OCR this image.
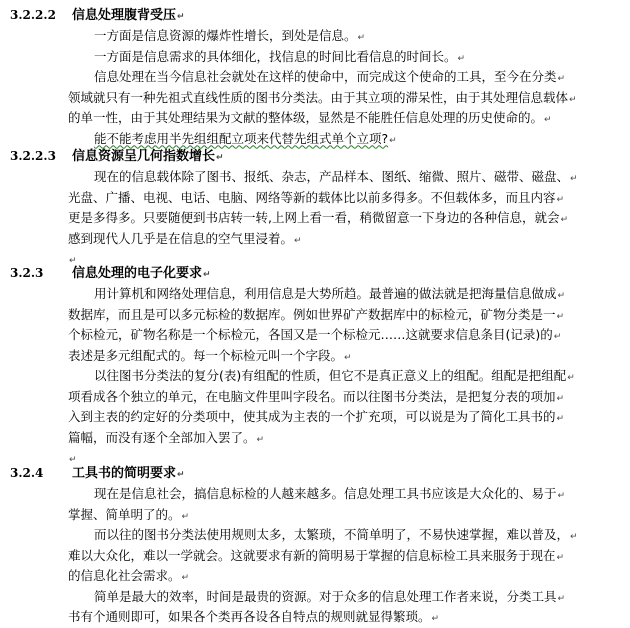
3.2.2.2 信息处理腹背受压↵
一方面是信息资源的爆炸性增长，到处是信息。↵
一方面是信息需求的具体细化，找信息的时间比看信息的时间长。↵
信息处理在当今信息社会就处在这样的使命中，而完成这个使命的工具，至今在分类↵
领域就只有一种先祖式直线性质的图书分类法。由于其立项的滞呆性，由于其处理信息载体↵
的单一性，由于其处理结果为文献的整体级，显然是不能胜任信息处理的历史使命的。↵
能不能考虑用半先组组配立项来代替先组式单个立项?↵
3.2.2.3 信息资源呈几何指数增长↵
现在的信息载体除了图书、报纸、杂志，产品样本、图纸、缩微、照片、磁带、磁盘、↵
光盘、广播、电视、电话、电脑、网络等新的载体比以前多得多。不但载体多，而且内容↵
更是多得多。只要随便到书店转一转,上网上看一看，稍微留意一下身边的各种信息，就会↵
感到现代人几乎是在信息的空气里浸着。↵
↵
3.2.3 信息处理的电子化要求↵
用计算机和网络处理信息，利用信息是大势所趋。最普遍的做法就是把海量信息做成↵
数据库，而且是可以多元标检的数据库。例如世界矿产数据库中的标检元，矿物分类是一↵
个标检元，矿物名称是一个标检元，各国又是一个标检元……这就要求信息条目(记录)的↵
表述是多元组配式的。每一个标检元叫一个字段。↵
以往图书分类法的复分(表)有组配的性质，但它不是真正意义上的组配。组配是把组配↵
项看成各个独立的单元，在电脑文件里叫字段名。而以往图书分类法，是把复分表的项加↵
入到主表的约定好的分类项中，使其成为主表的一个扩充项，可以说是为了简化工具书的↵
篇幅，而没有逐个全部加入罢了。↵
↵
3.2.4 工具书的简明要求↵
现在是信息社会，搞信息标检的人越来越多。信息处理工具书应该是大众化的、易于↵
掌握、简单明了的。↵
而以往的图书分类法使用规则太多，太繁琐，不简单明了，不易快速掌握，难以普及，↵
难以大众化，难以一学就会。这就要求有新的简明易于掌握的信息标检工具来服务于现在↵
的信息化社会需求。↵
简单是最大的效率，时间是最贵的资源。对于众多的信息处理工作者来说，分类工具↵
书有个通则即可，如果各个类再各设各自特点的规则就显得繁琐。↵
